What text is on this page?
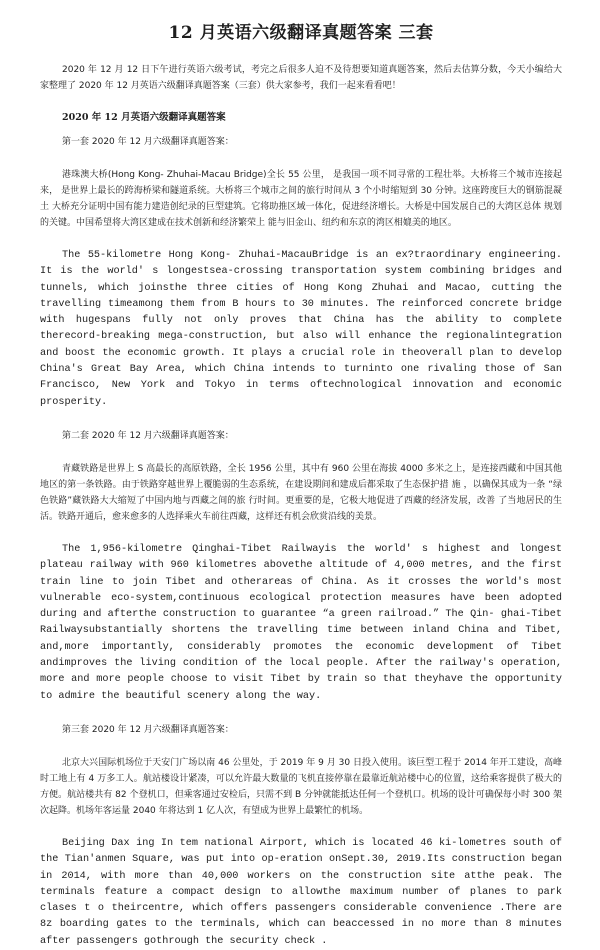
12 月英语六级翻译真题答案 三套

2020 年 12 月 12 日下午进行英语六级考试，考完之后很多人迫不及待想要知道真题答案，然后去估算分数，今天小编给大家整理了 2020 年 12 月英语六级翻译真题答案（三套）供大家参考，我们一起来看看吧！

2020 年 12 月英语六级翻译真题答案

第一套 2020 年 12 月六级翻译真题答案：

港珠澳大桥(Hong Kong- Zhuhai-Macau Bridge)全长 55 公里， 是我国一项不同寻常的工程壮举。大桥将三个城市连接起来， 是世界上最长的跨海桥梁和隧道系统。大桥将三个城市之间的旅行时间从 3 个小时缩短到 30 分钟。这座跨度巨大的钢筋混凝土 大桥充分证明中国有能力建造创纪录的巨型建筑。它将助推区域一体化，促进经济增长。大桥是中国发展自己的大湾区总体 规划的关键。中国希望将大湾区建成在技术创新和经济繁荣上 能与旧金山、纽约和东京的湾区相媲美的地区。

The 55-kilometre Hong Kong- Zhuhai-MacauBridge is an ex?traordinary engineering. It is the world' s longestsea-crossing transportation system combining bridges and tunnels, which joinsthe three cities of Hong Kong Zhuhai and Macao, cutting the travelling timeamong them from B hours to 30 minutes. The reinforced concrete bridge with hugespans fully not only proves that China has the ability to complete therecord-breaking mega-construction, but also will enhance the regionalintegration and boost the economic growth. It plays a crucial role in theoverall plan to develop China's Great Bay Area, which China intends to turninto one rivaling those of San Francisco, New York and Tokyo in terms oftechnological innovation and economic prosperity.

第二套 2020 年 12 月六级翻译真题答案：

青藏铁路是世界上 S 高最长的高原铁路，全长 1956 公里，其中有 960 公里在海拔 4000 多米之上，是连接西藏和中国其他地区的第一条铁路。由于铁路穿越世界上覆脆弱的生态系统，在建设期间和建成后都采取了生态保护措 施 ，以确保其成为一条 “绿色铁路”藏铁路大大缩短了中国内地与西藏之间的旅 行时间。更重要的是，它极大地促进了西藏的经济发展，改善 了当地居民的生活。铁路开通后，愈来愈多的人选择乘火车前往西藏，这样还有机会欣赏沿线的美景。

The 1,956-kilometre Qinghai-Tibet Railwayis the world' s highest and longest plateau railway with 960 kilometres abovethe altitude of 4,000 metres, and the first train line to join Tibet and otherareas of China. As it crosses the world's most vulnerable eco-system,continuous ecological protection measures have been adopted during and afterthe construction to guarantee “a green railroad.” The Qin- ghai-Tibet Railwaysubstantially shortens the travelling time between inland China and Tibet, and,more importantly, considerably promotes the economic development of Tibet andimproves the living condition of the local people. After the railway's operation, more and more people choose to visit Tibet by train so that theyhave the opportunity to admire the beautiful scenery along the way.

第三套 2020 年 12 月六级翻译真题答案：

北京大兴国际机场位于天安门广场以南 46 公里处，于 2019 年 9 月 30 日投入使用。该巨型工程于 2014 年开工建设，高峰时工地上有 4 万多工人。航站楼设计紧凑，可以允许最大数量的飞机直接停靠在最靠近航站楼中心的位置，这给乘客提供了极大的方便。航站楼共有 82 个登机口，但乘客通过安检后，只需不到 B 分钟就能抵达任何一个登机口。机场的设计可确保每小时 300 架次起降。机场年客运量 2040 年将达到 1 亿人次，有望成为世界上最繁忙的机场。

Beijing Dax ing In tem national Airport, which is located 46 ki-lometres south of the Tian'anmen Square, was put into op-eration onSept.30, 2019.Its construction began in 2014, with more than 40,000 workers on the construction site atthe peak. The terminals feature a compact design to allowthe maximum number of planes to park clases t o theircentre, which offers passengers considerable convenience .There are 8z boarding gates to the terminals, which can beaccessed in no more than 8 minutes after passengers gothrough the security check .
